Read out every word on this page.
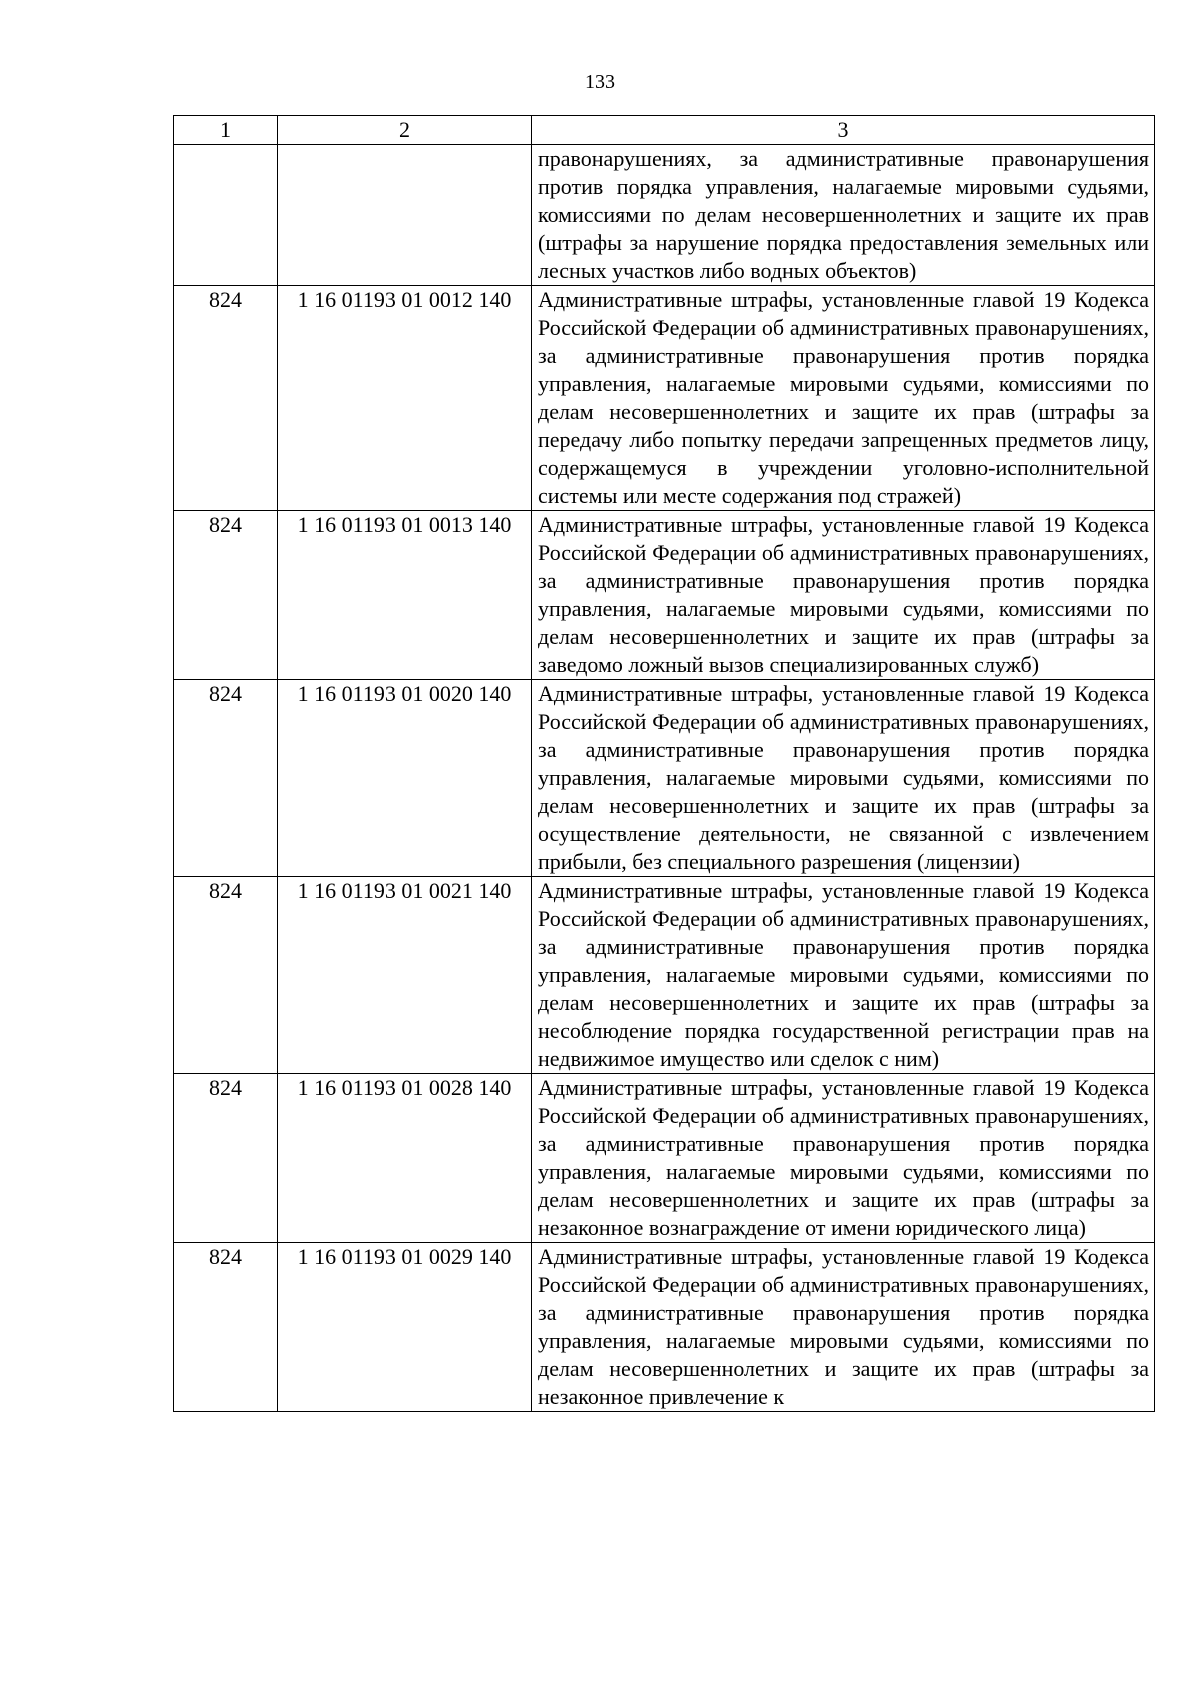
133
1	2	3
		правонарушениях, за административные правонарушения против порядка управления, налагаемые мировыми судьями, комиссиями по делам несовершеннолетних и защите их прав (штрафы за нарушение порядка предоставления земельных или лесных участков либо водных объектов)
824	1 16 01193 01 0012 140	Административные штрафы, установленные главой 19 Кодекса Российской Федерации об административных правонарушениях, за административные правонарушения против порядка управления, налагаемые мировыми судьями, комиссиями по делам несовершеннолетних и защите их прав (штрафы за передачу либо попытку передачи запрещенных предметов лицу, содержащемуся в учреждении уголовно-исполнительной системы или месте содержания под стражей)
824	1 16 01193 01 0013 140	Административные штрафы, установленные главой 19 Кодекса Российской Федерации об административных правонарушениях, за административные правонарушения против порядка управления, налагаемые мировыми судьями, комиссиями по делам несовершеннолетних и защите их прав (штрафы за заведомо ложный вызов специализированных служб)
824	1 16 01193 01 0020 140	Административные штрафы, установленные главой 19 Кодекса Российской Федерации об административных правонарушениях, за административные правонарушения против порядка управления, налагаемые мировыми судьями, комиссиями по делам несовершеннолетних и защите их прав (штрафы за осуществление деятельности, не связанной с извлечением прибыли, без специального разрешения (лицензии)
824	1 16 01193 01 0021 140	Административные штрафы, установленные главой 19 Кодекса Российской Федерации об административных правонарушениях, за административные правонарушения против порядка управления, налагаемые мировыми судьями, комиссиями по делам несовершеннолетних и защите их прав (штрафы за несоблюдение порядка государственной регистрации прав на недвижимое имущество или сделок с ним)
824	1 16 01193 01 0028 140	Административные штрафы, установленные главой 19 Кодекса Российской Федерации об административных правонарушениях, за административные правонарушения против порядка управления, налагаемые мировыми судьями, комиссиями по делам несовершеннолетних и защите их прав (штрафы за незаконное вознаграждение от имени юридического лица)
824	1 16 01193 01 0029 140	Административные штрафы, установленные главой 19 Кодекса Российской Федерации об административных правонарушениях, за административные правонарушения против порядка управления, налагаемые мировыми судьями, комиссиями по делам несовершеннолетних и защите их прав (штрафы за незаконное привлечение к
